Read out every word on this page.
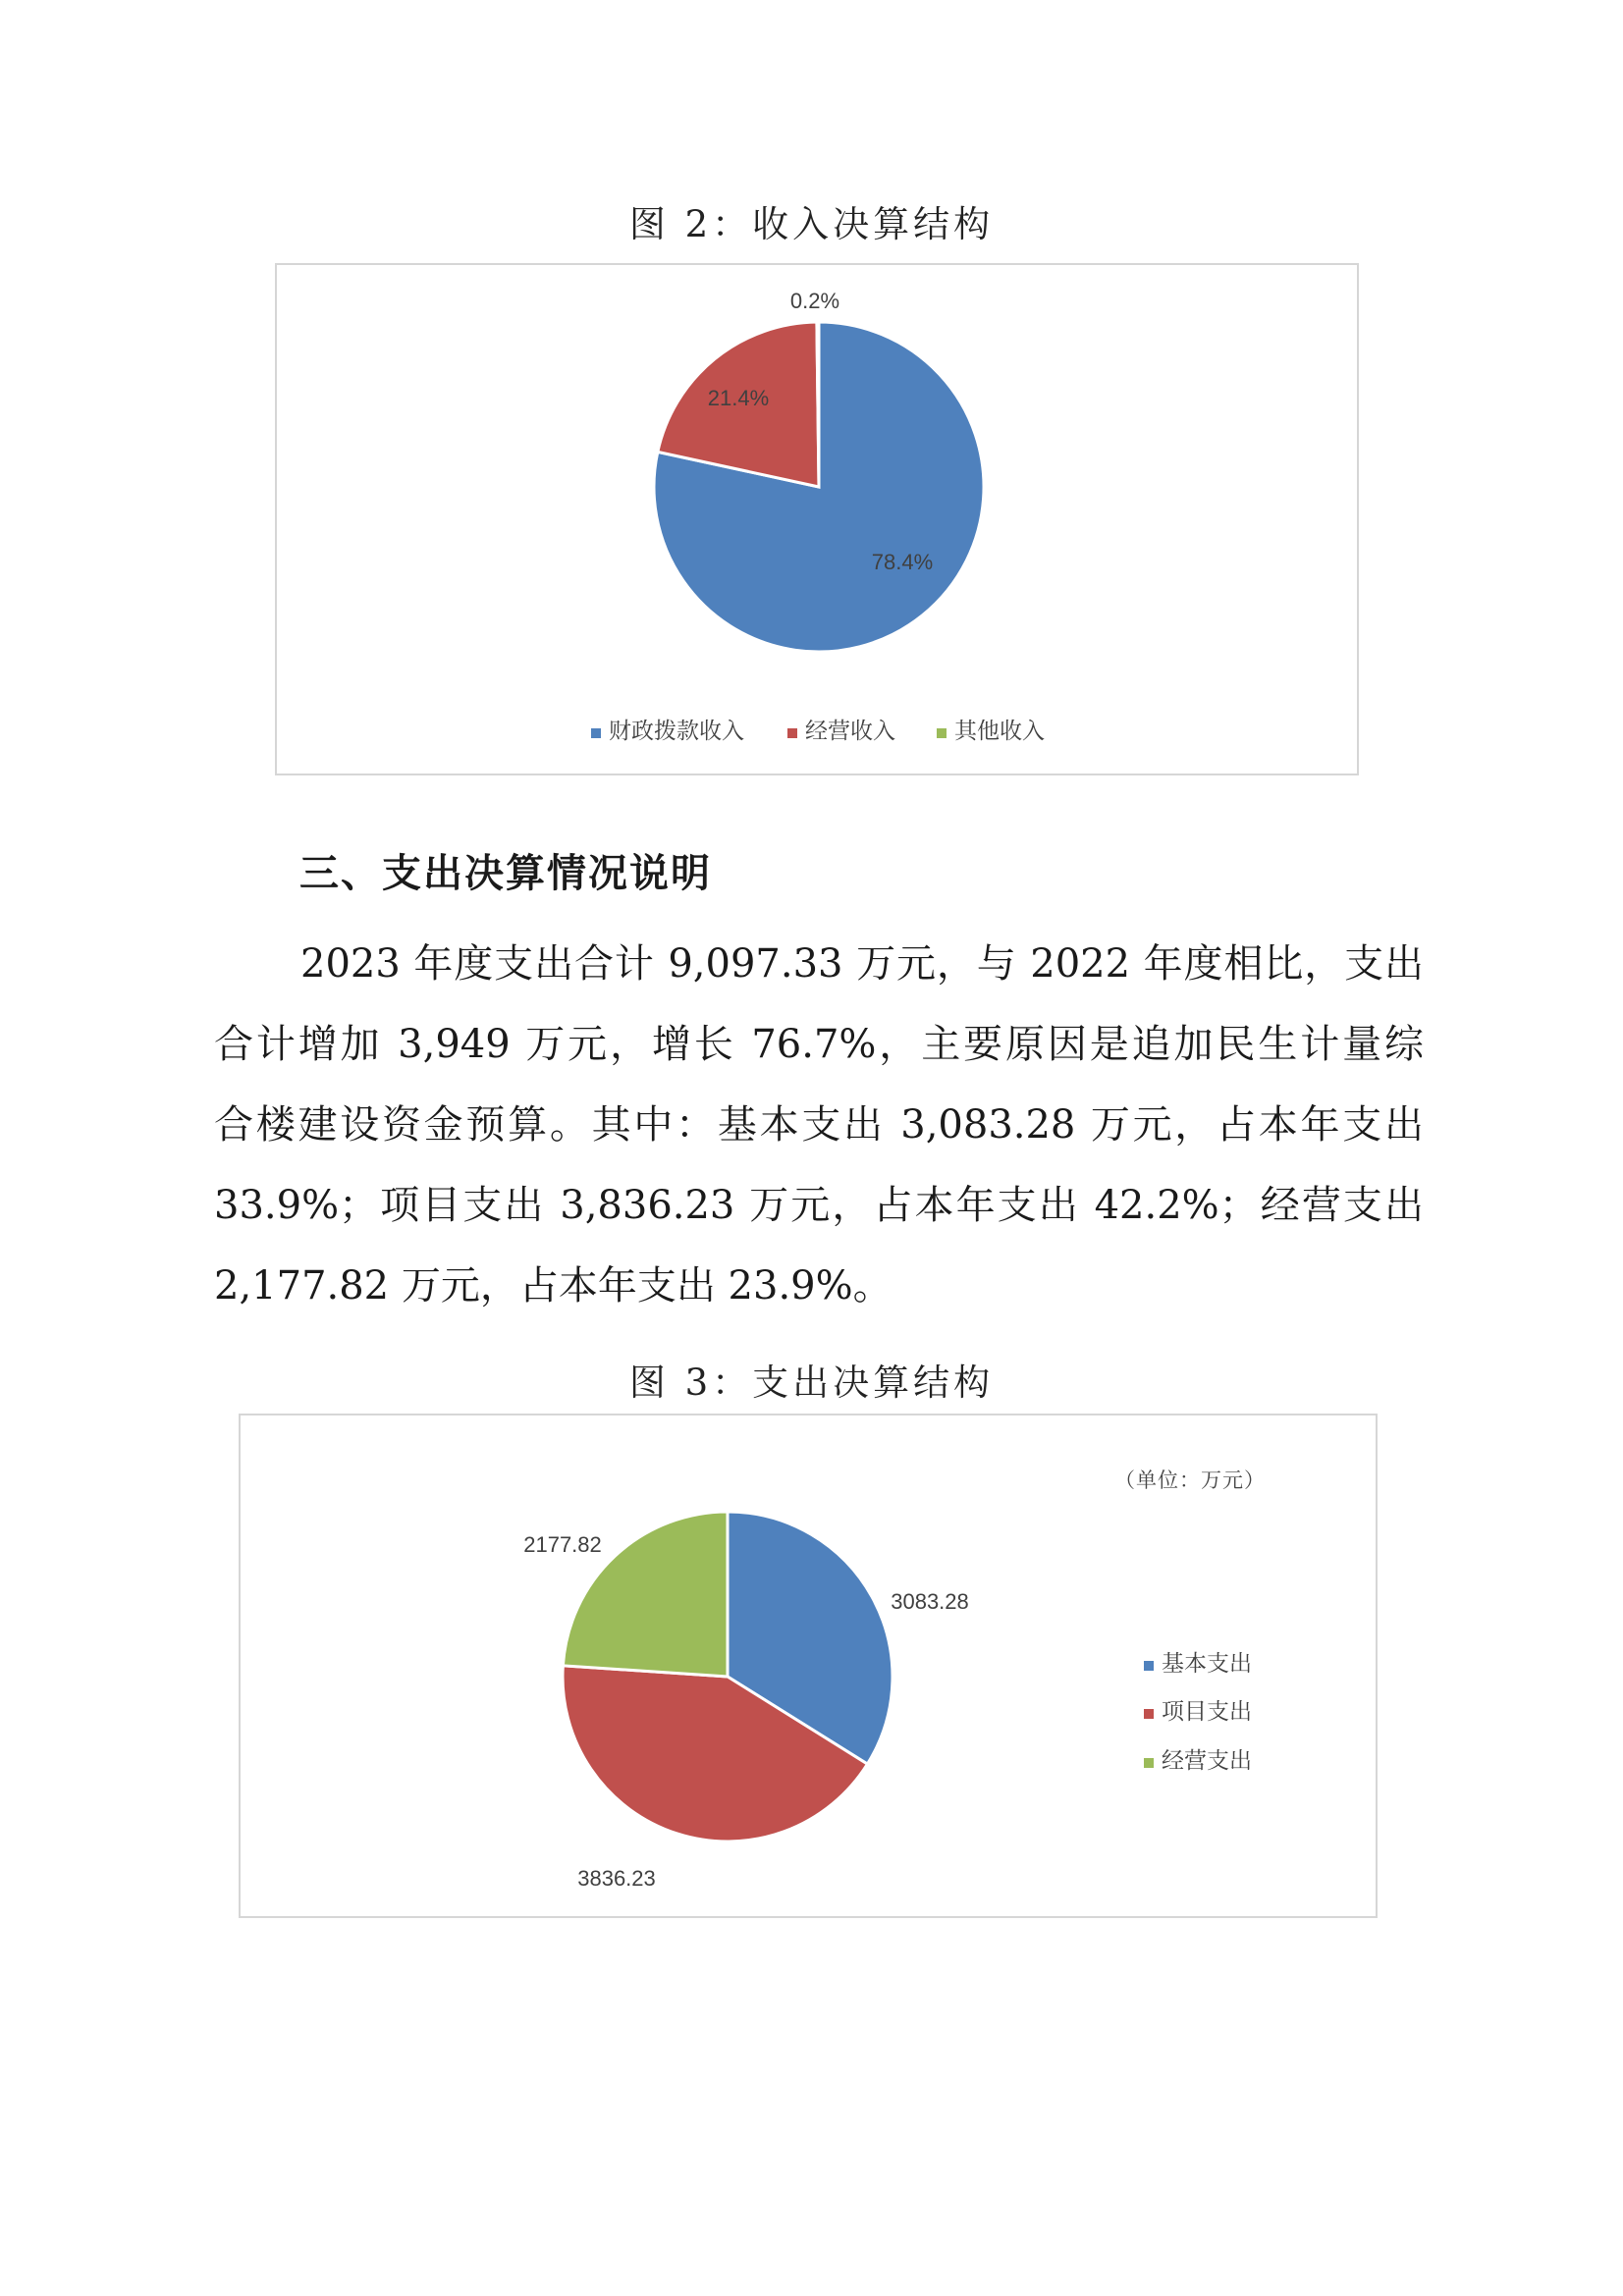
图 2：收入决算结构
78.4%
21.4%
0.2%
财政拨款收入	经营收入	其他收入
三、支出决算情况说明
2023 年度支出合计 9,097.33 万元，与 2022 年度相比，支出
合计增加 3,949 万元，增长 76.7%，主要原因是追加民生计量综
合楼建设资金预算。其中：基本支出 3,083.28 万元，占本年支出
33.9%；项目支出 3,836.23 万元，占本年支出 42.2%；经营支出
2,177.82 万元，占本年支出 23.9%。
图 3：支出决算结构
3083.28
3836.23
2177.82
基本支出
项目支出
经营支出
（单位：万元）
